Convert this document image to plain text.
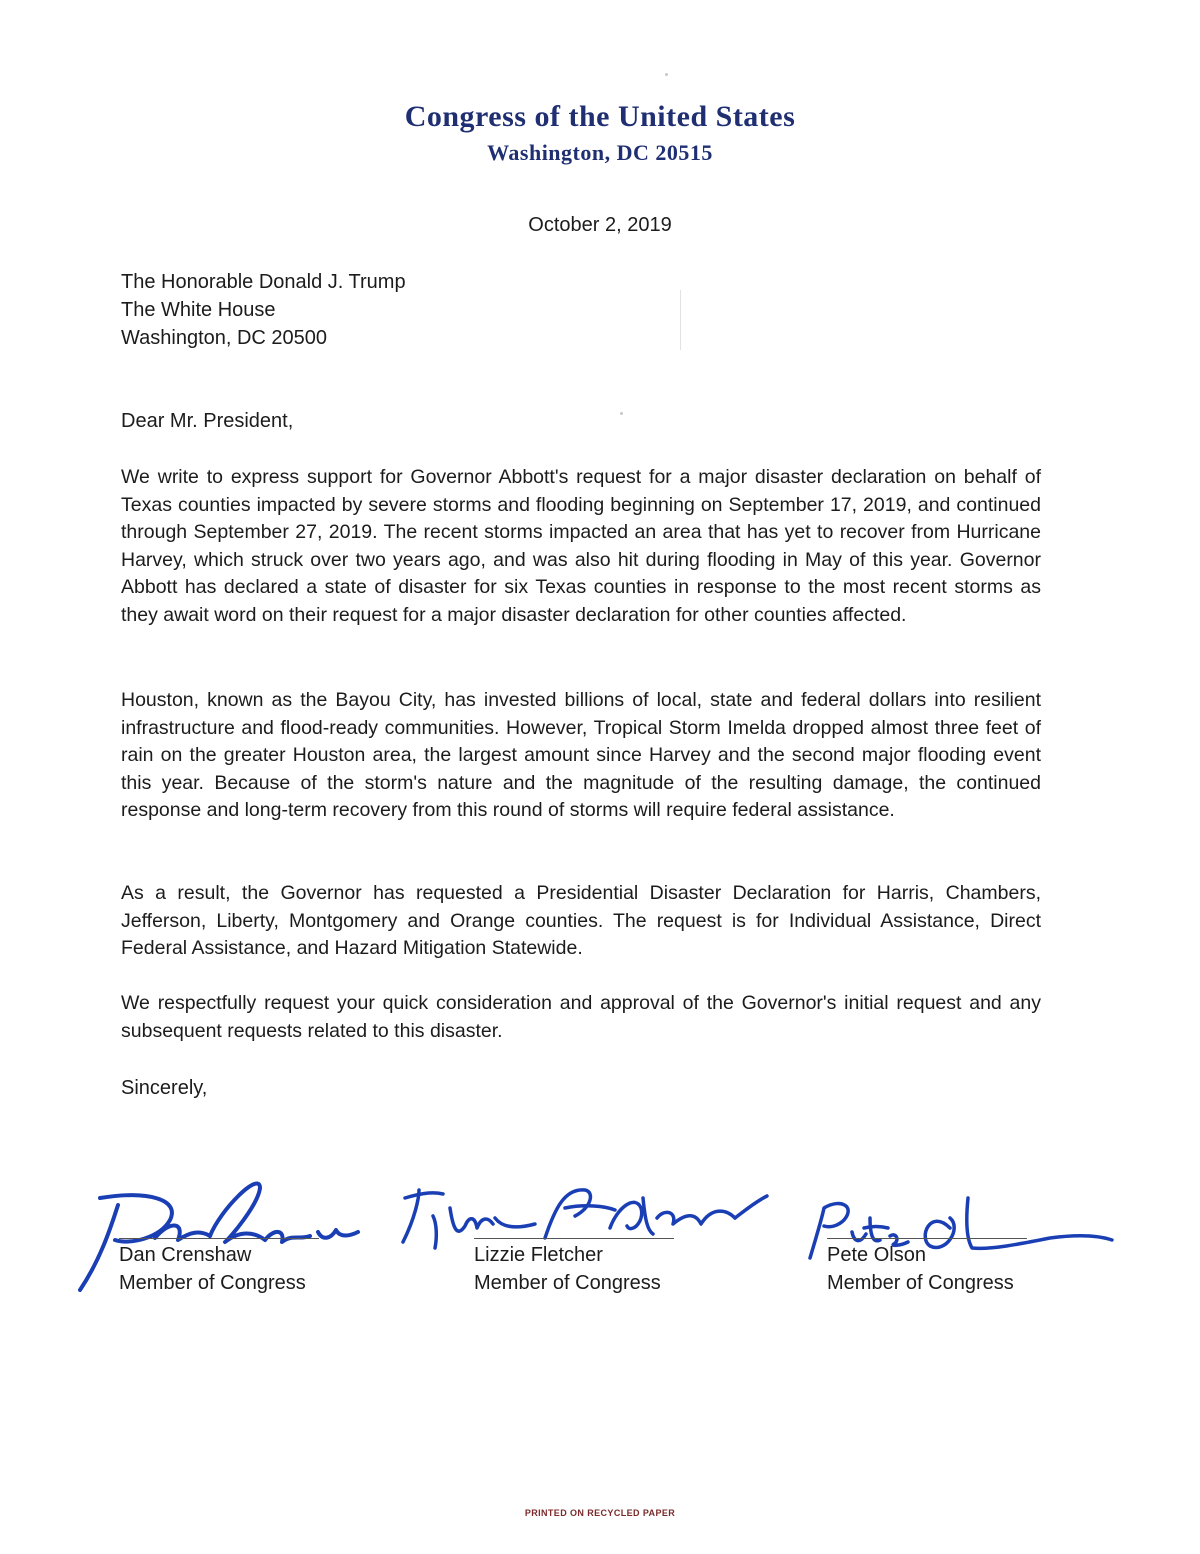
Congress of the United States
Washington, DC 20515
October 2, 2019
The Honorable Donald J. Trump
The White House
Washington, DC 20500
Dear Mr. President,

We write to express support for Governor Abbott's request for a major disaster declaration on behalf of Texas counties impacted by severe storms and flooding beginning on September 17, 2019, and continued through September 27, 2019. The recent storms impacted an area that has yet to recover from Hurricane Harvey, which struck over two years ago, and was also hit during flooding in May of this year. Governor Abbott has declared a state of disaster for six Texas counties in response to the most recent storms as they await word on their request for a major disaster declaration for other counties affected.

Houston, known as the Bayou City, has invested billions of local, state and federal dollars into resilient infrastructure and flood-ready communities. However, Tropical Storm Imelda dropped almost three feet of rain on the greater Houston area, the largest amount since Harvey and the second major flooding event this year. Because of the storm's nature and the magnitude of the resulting damage, the continued response and long-term recovery from this round of storms will require federal assistance.

As a result, the Governor has requested a Presidential Disaster Declaration for Harris, Chambers, Jefferson, Liberty, Montgomery and Orange counties. The request is for Individual Assistance, Direct Federal Assistance, and Hazard Mitigation Statewide.

We respectfully request your quick consideration and approval of the Governor's initial request and any subsequent requests related to this disaster.

Sincerely,
Dan Crenshaw
Member of Congress
Lizzie Fletcher
Member of Congress
Pete Olson
Member of Congress
PRINTED ON RECYCLED PAPER
